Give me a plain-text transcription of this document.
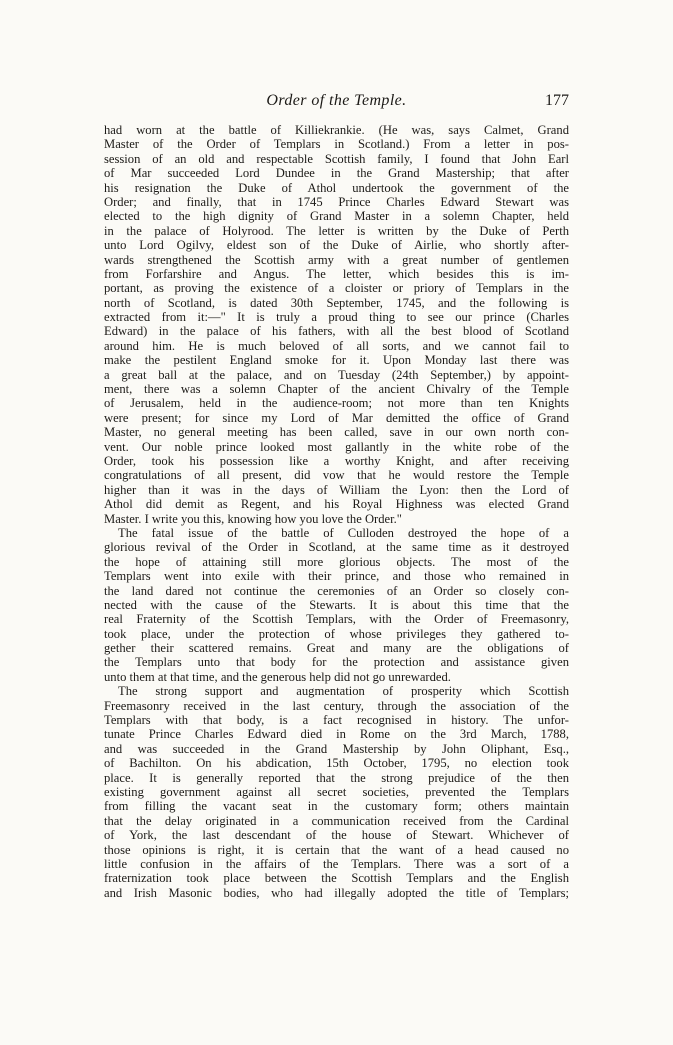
Order of the Temple.	177
had worn at the battle of Killiekrankie. (He was, says Calmet, Grand
Master of the Order of Templars in Scotland.) From a letter in pos-
session of an old and respectable Scottish family, I found that John Earl
of Mar succeeded Lord Dundee in the Grand Mastership; that after
his resignation the Duke of Athol undertook the government of the
Order; and finally, that in 1745 Prince Charles Edward Stewart was
elected to the high dignity of Grand Master in a solemn Chapter, held
in the palace of Holyrood. The letter is written by the Duke of Perth
unto Lord Ogilvy, eldest son of the Duke of Airlie, who shortly after-
wards strengthened the Scottish army with a great number of gentlemen
from Forfarshire and Angus. The letter, which besides this is im-
portant, as proving the existence of a cloister or priory of Templars in the
north of Scotland, is dated 30th September, 1745, and the following is
extracted from it:—" It is truly a proud thing to see our prince (Charles
Edward) in the palace of his fathers, with all the best blood of Scotland
around him. He is much beloved of all sorts, and we cannot fail to
make the pestilent England smoke for it. Upon Monday last there was
a great ball at the palace, and on Tuesday (24th September,) by appoint-
ment, there was a solemn Chapter of the ancient Chivalry of the Temple
of Jerusalem, held in the audience-room; not more than ten Knights
were present; for since my Lord of Mar demitted the office of Grand
Master, no general meeting has been called, save in our own north con-
vent. Our noble prince looked most gallantly in the white robe of the
Order, took his possession like a worthy Knight, and after receiving
congratulations of all present, did vow that he would restore the Temple
higher than it was in the days of William the Lyon: then the Lord of
Athol did demit as Regent, and his Royal Highness was elected Grand
Master. I write you this, knowing how you love the Order."
The fatal issue of the battle of Culloden destroyed the hope of a
glorious revival of the Order in Scotland, at the same time as it destroyed
the hope of attaining still more glorious objects. The most of the
Templars went into exile with their prince, and those who remained in
the land dared not continue the ceremonies of an Order so closely con-
nected with the cause of the Stewarts. It is about this time that the
real Fraternity of the Scottish Templars, with the Order of Freemasonry,
took place, under the protection of whose privileges they gathered to-
gether their scattered remains. Great and many are the obligations of
the Templars unto that body for the protection and assistance given
unto them at that time, and the generous help did not go unrewarded.
The strong support and augmentation of prosperity which Scottish
Freemasonry received in the last century, through the association of the
Templars with that body, is a fact recognised in history. The unfor-
tunate Prince Charles Edward died in Rome on the 3rd March, 1788,
and was succeeded in the Grand Mastership by John Oliphant, Esq.,
of Bachilton. On his abdication, 15th October, 1795, no election took
place. It is generally reported that the strong prejudice of the then
existing government against all secret societies, prevented the Templars
from filling the vacant seat in the customary form; others maintain
that the delay originated in a communication received from the Cardinal
of York, the last descendant of the house of Stewart. Whichever of
those opinions is right, it is certain that the want of a head caused no
little confusion in the affairs of the Templars. There was a sort of a
fraternization took place between the Scottish Templars and the English
and Irish Masonic bodies, who had illegally adopted the title of Templars;
